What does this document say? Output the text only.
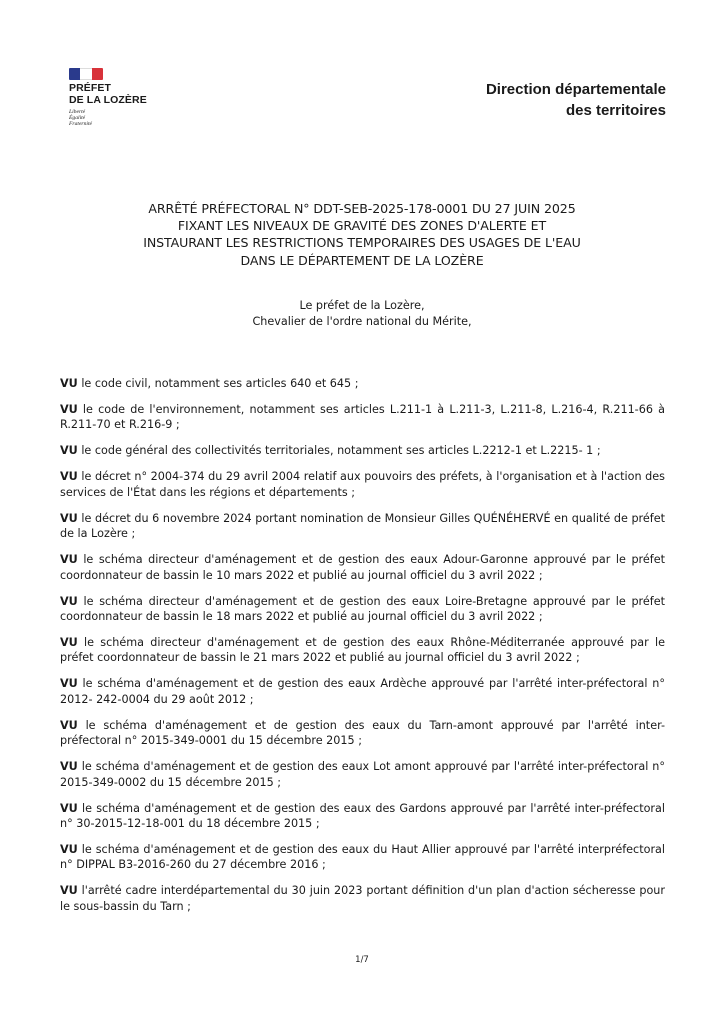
PRÉFET
DE LA LOZÈRE
Liberté
Égalité
Fraternité
Direction départementale
des territoires
ARRÊTÉ PRÉFECTORAL N° DDT-SEB-2025-178-0001 DU 27 JUIN 2025
FIXANT LES NIVEAUX DE GRAVITÉ DES ZONES D'ALERTE ET
INSTAURANT LES RESTRICTIONS TEMPORAIRES DES USAGES DE L'EAU
DANS LE DÉPARTEMENT DE LA LOZÈRE
Le préfet de la Lozère,
Chevalier de l'ordre national du Mérite,

VU le code civil, notamment ses articles 640 et 645 ;

VU le code de l'environnement, notamment ses articles L.211-1 à L.211-3, L.211-8, L.216-4, R.211-66 à R.211-70 et R.216-9 ;

VU le code général des collectivités territoriales, notamment ses articles L.2212-1 et L.2215- 1 ;

VU le décret n° 2004-374 du 29 avril 2004 relatif aux pouvoirs des préfets, à l'organisation et à l'action des services de l'État dans les régions et départements ;

VU le décret du 6 novembre 2024 portant nomination de Monsieur Gilles QUÉNÉHERVÉ en qualité de préfet de la Lozère ;

VU le schéma directeur d'aménagement et de gestion des eaux Adour-Garonne approuvé par le préfet coordonnateur de bassin le 10 mars 2022 et publié au journal officiel du 3 avril 2022 ;

VU le schéma directeur d'aménagement et de gestion des eaux Loire-Bretagne approuvé par le préfet coordonnateur de bassin le 18 mars 2022 et publié au journal officiel du 3 avril 2022 ;

VU le schéma directeur d'aménagement et de gestion des eaux Rhône-Méditerranée approuvé par le préfet coordonnateur de bassin le 21 mars 2022 et publié au journal officiel du 3 avril 2022 ;

VU le schéma d'aménagement et de gestion des eaux Ardèche approuvé par l'arrêté inter-préfectoral n° 2012- 242-0004 du 29 août 2012 ;

VU le schéma d'aménagement et de gestion des eaux du Tarn-amont approuvé par l'arrêté inter-préfectoral n° 2015-349-0001 du 15 décembre 2015 ;

VU le schéma d'aménagement et de gestion des eaux Lot amont approuvé par l'arrêté inter-préfectoral n° 2015-349-0002 du 15 décembre 2015 ;

VU le schéma d'aménagement et de gestion des eaux des Gardons approuvé par l'arrêté inter-préfectoral n° 30-2015-12-18-001 du 18 décembre 2015 ;

VU le schéma d'aménagement et de gestion des eaux du Haut Allier approuvé par l'arrêté interpréfectoral n° DIPPAL B3-2016-260 du 27 décembre 2016 ;

VU l'arrêté cadre interdépartemental du 30 juin 2023 portant définition d'un plan d'action sécheresse pour le sous-bassin du Tarn ;

1/7
